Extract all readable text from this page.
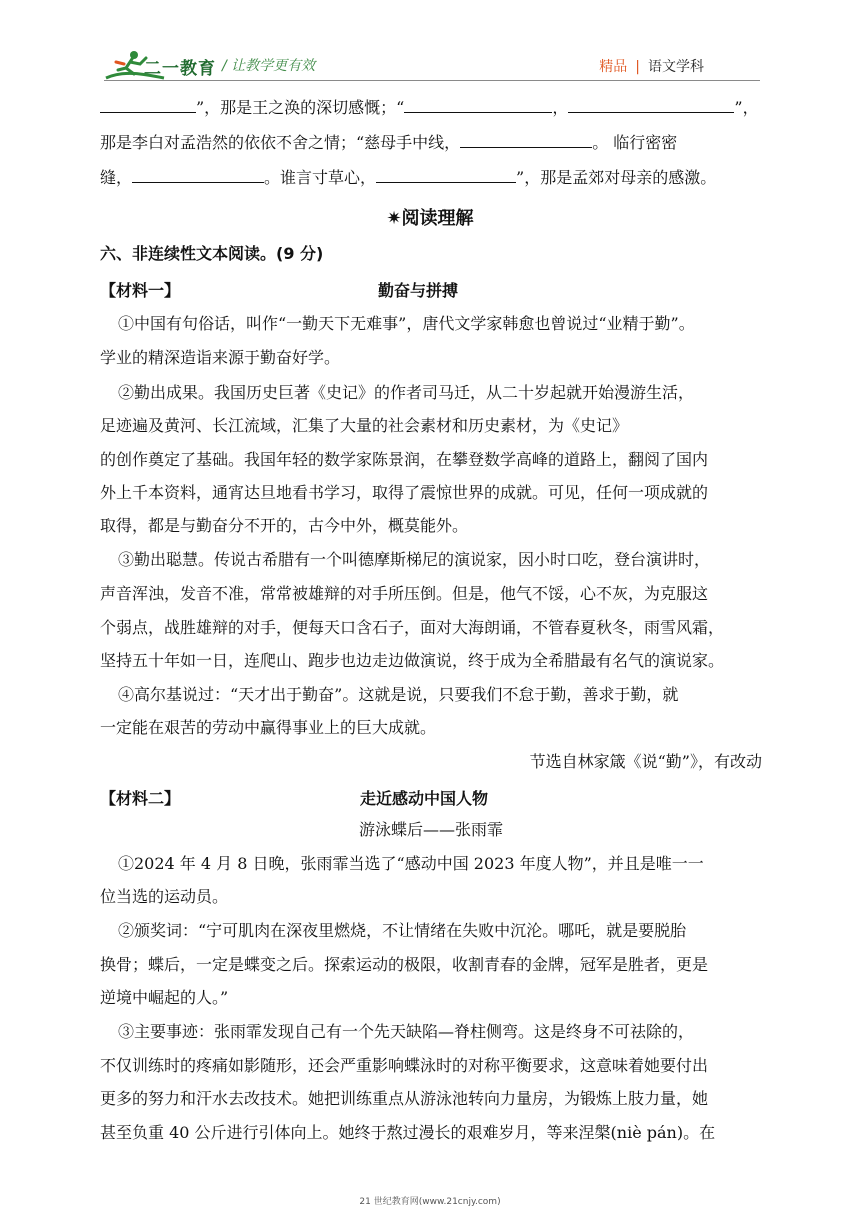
二一教育 / 让教学更有效	精品 | 语文学科
”，那是王之涣的深切感慨；“	，	”，
那是李白对孟浩然的依依不舍之情；“慈母手中线，	。 临行密密
缝，	。谁言寸草心，	”，那是孟郊对母亲的感激。
✷阅读理解
六、非连续性文本阅读。(9 分)
【材料一】	勤奋与拼搏
①中国有句俗话，叫作“一勤天下无难事”，唐代文学家韩愈也曾说过“业精于勤”。
学业的精深造诣来源于勤奋好学。
②勤出成果。我国历史巨著《史记》的作者司马迁，从二十岁起就开始漫游生活，
足迹遍及黄河、长江流域，汇集了大量的社会素材和历史素材，为《史记》
的创作奠定了基础。我国年轻的数学家陈景润，在攀登数学高峰的道路上，翻阅了国内
外上千本资料，通宵达旦地看书学习，取得了震惊世界的成就。可见，任何一项成就的
取得，都是与勤奋分不开的，古今中外，概莫能外。
③勤出聪慧。传说古希腊有一个叫德摩斯梯尼的演说家，因小时口吃，登台演讲时，
声音浑浊，发音不准，常常被雄辩的对手所压倒。但是，他气不馁，心不灰，为克服这
个弱点，战胜雄辩的对手，便每天口含石子，面对大海朗诵，不管春夏秋冬，雨雪风霜，
坚持五十年如一日，连爬山、跑步也边走边做演说，终于成为全希腊最有名气的演说家。
④高尔基说过：“天才出于勤奋”。这就是说，只要我们不怠于勤，善求于勤，就
一定能在艰苦的劳动中赢得事业上的巨大成就。
节选自林家箴《说“勤”》，有改动
【材料二】	走近感动中国人物
游泳蝶后——张雨霏
①2024 年 4 月 8 日晚，张雨霏当选了“感动中国 2023 年度人物”，并且是唯一一
位当选的运动员。
②颁奖词：“宁可肌肉在深夜里燃烧，不让情绪在失败中沉沦。哪吒，就是要脱胎
换骨；蝶后，一定是蝶变之后。探索运动的极限，收割青春的金牌，冠军是胜者，更是
逆境中崛起的人。”
③主要事迹：张雨霏发现自己有一个先天缺陷—脊柱侧弯。这是终身不可祛除的，
不仅训练时的疼痛如影随形，还会严重影响蝶泳时的对称平衡要求，这意味着她要付出
更多的努力和汗水去改技术。她把训练重点从游泳池转向力量房，为锻炼上肢力量，她
甚至负重 40 公斤进行引体向上。她终于熬过漫长的艰难岁月，等来涅槃(niè pán)。在
21 世纪教育网(www.21cnjy.com)
